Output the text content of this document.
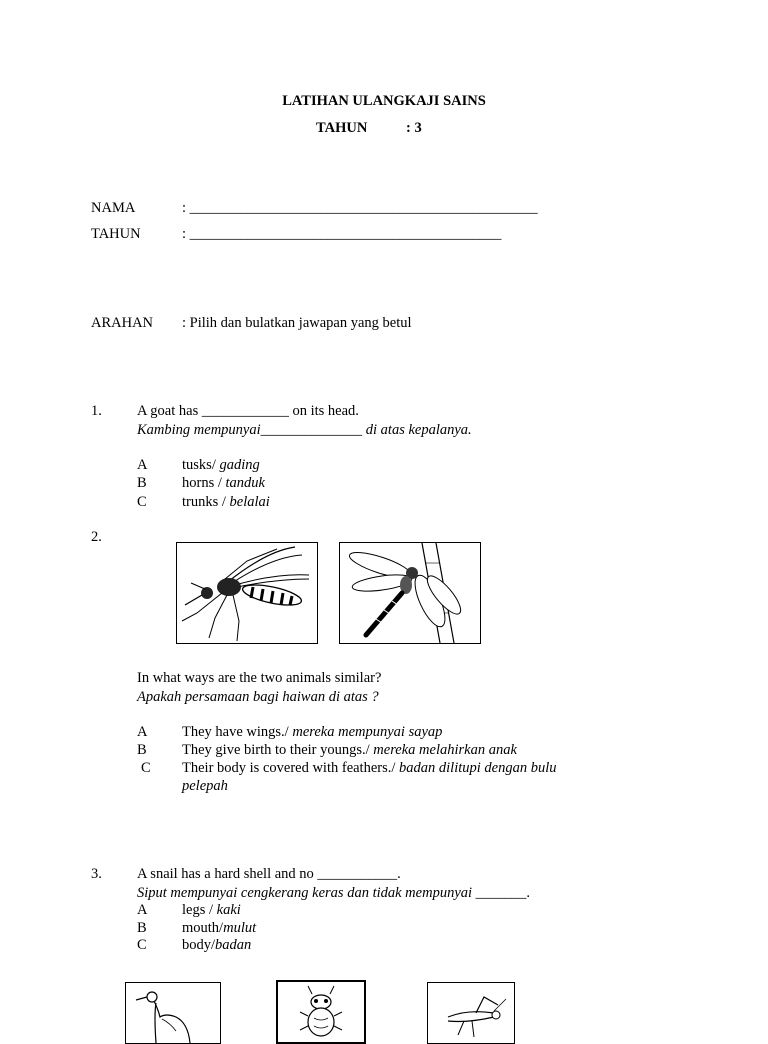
LATIHAN ULANGKAJI SAINS
TAHUN	: 3
NAMA	: ________________________________________________
TAHUN	: ___________________________________________
ARAHAN : Pilih dan bulatkan jawapan yang betul
1. A goat has ____________ on its head.
Kambing mempunyai______________ di atas kepalanya.
A tusks/ gading
B horns / tanduk
C trunks / belalai
2.
In what ways are the two animals similar?
Apakah persamaan bagi haiwan di atas ?
A They have wings./ mereka mempunyai sayap
B They give birth to their youngs./ mereka melahirkan anak
C Their body is covered with feathers./ badan dilitupi dengan bulu
pelepah
3. A snail has a hard shell and no ___________.
Siput mempunyai cengkerang keras dan tidak mempunyai _______.
A legs / kaki
B mouth/mulut
C body/badan
